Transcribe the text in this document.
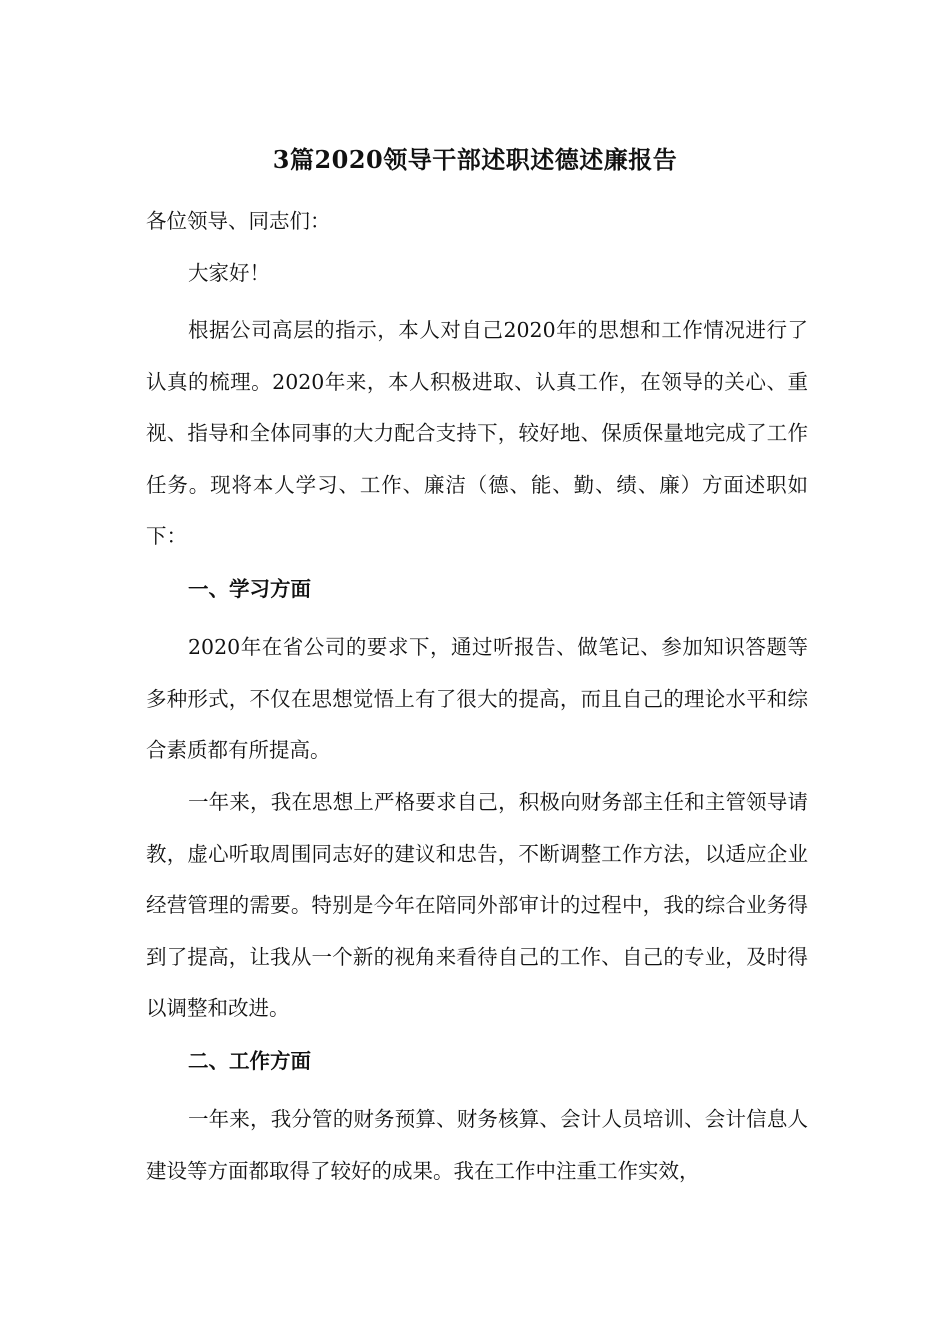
3篇2020领导干部述职述德述廉报告

各位领导、同志们：

大家好！

根据公司高层的指示，本人对自己2020年的思想和工作情况进行了认真的梳理。2020年来，本人积极进取、认真工作，在领导的关心、重视、指导和全体同事的大力配合支持下，较好地、保质保量地完成了工作任务。现将本人学习、工作、廉洁（德、能、勤、绩、廉）方面述职如下：

一、学习方面

2020年在省公司的要求下，通过听报告、做笔记、参加知识答题等多种形式，不仅在思想觉悟上有了很大的提高，而且自己的理论水平和综合素质都有所提高。

一年来，我在思想上严格要求自己，积极向财务部主任和主管领导请教，虚心听取周围同志好的建议和忠告，不断调整工作方法，以适应企业经营管理的需要。特别是今年在陪同外部审计的过程中，我的综合业务得到了提高，让我从一个新的视角来看待自己的工作、自己的专业，及时得以调整和改进。

二、工作方面

一年来，我分管的财务预算、财务核算、会计人员培训、会计信息人建设等方面都取得了较好的成果。我在工作中注重工作实效，
